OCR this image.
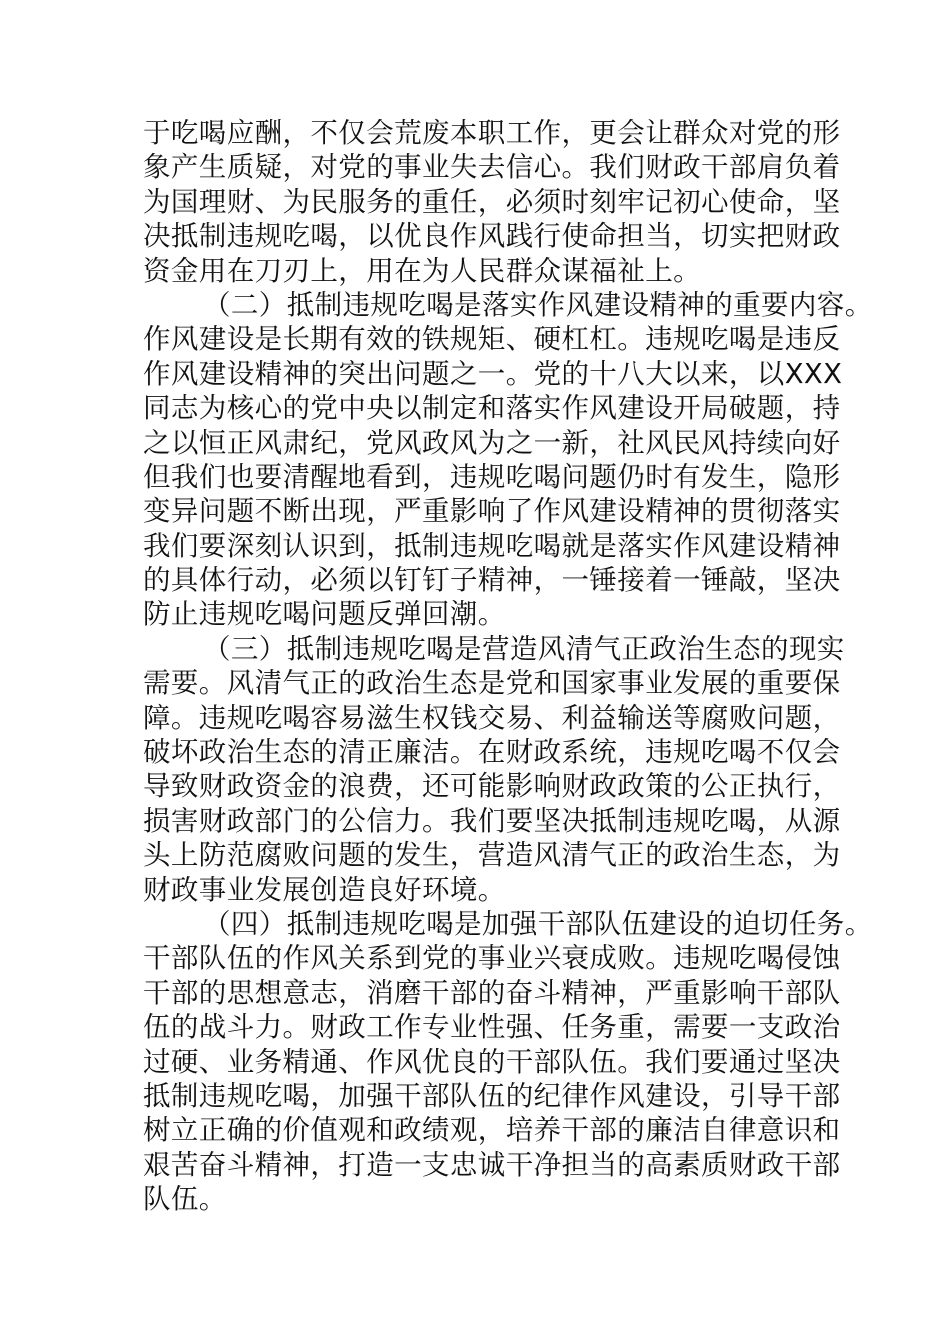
于吃喝应酬，不仅会荒废本职工作，更会让群众对党的形
象产生质疑，对党的事业失去信心。我们财政干部肩负着
为国理财、为民服务的重任，必须时刻牢记初心使命，坚
决抵制违规吃喝，以优良作风践行使命担当，切实把财政
资金用在刀刃上，用在为人民群众谋福祉上。
（二）抵制违规吃喝是落实作风建设精神的重要内容。
作风建设是长期有效的铁规矩、硬杠杠。违规吃喝是违反
作风建设精神的突出问题之一。党的十八大以来，以XXX
同志为核心的党中央以制定和落实作风建设开局破题，持
之以恒正风肃纪，党风政风为之一新，社风民风持续向好
但我们也要清醒地看到，违规吃喝问题仍时有发生，隐形
变异问题不断出现，严重影响了作风建设精神的贯彻落实
我们要深刻认识到，抵制违规吃喝就是落实作风建设精神
的具体行动，必须以钉钉子精神，一锤接着一锤敲，坚决
防止违规吃喝问题反弹回潮。
（三）抵制违规吃喝是营造风清气正政治生态的现实
需要。风清气正的政治生态是党和国家事业发展的重要保
障。违规吃喝容易滋生权钱交易、利益输送等腐败问题，
破坏政治生态的清正廉洁。在财政系统，违规吃喝不仅会
导致财政资金的浪费，还可能影响财政政策的公正执行，
损害财政部门的公信力。我们要坚决抵制违规吃喝，从源
头上防范腐败问题的发生，营造风清气正的政治生态，为
财政事业发展创造良好环境。
（四）抵制违规吃喝是加强干部队伍建设的迫切任务。
干部队伍的作风关系到党的事业兴衰成败。违规吃喝侵蚀
干部的思想意志，消磨干部的奋斗精神，严重影响干部队
伍的战斗力。财政工作专业性强、任务重，需要一支政治
过硬、业务精通、作风优良的干部队伍。我们要通过坚决
抵制违规吃喝，加强干部队伍的纪律作风建设，引导干部
树立正确的价值观和政绩观，培养干部的廉洁自律意识和
艰苦奋斗精神，打造一支忠诚干净担当的高素质财政干部
队伍。
